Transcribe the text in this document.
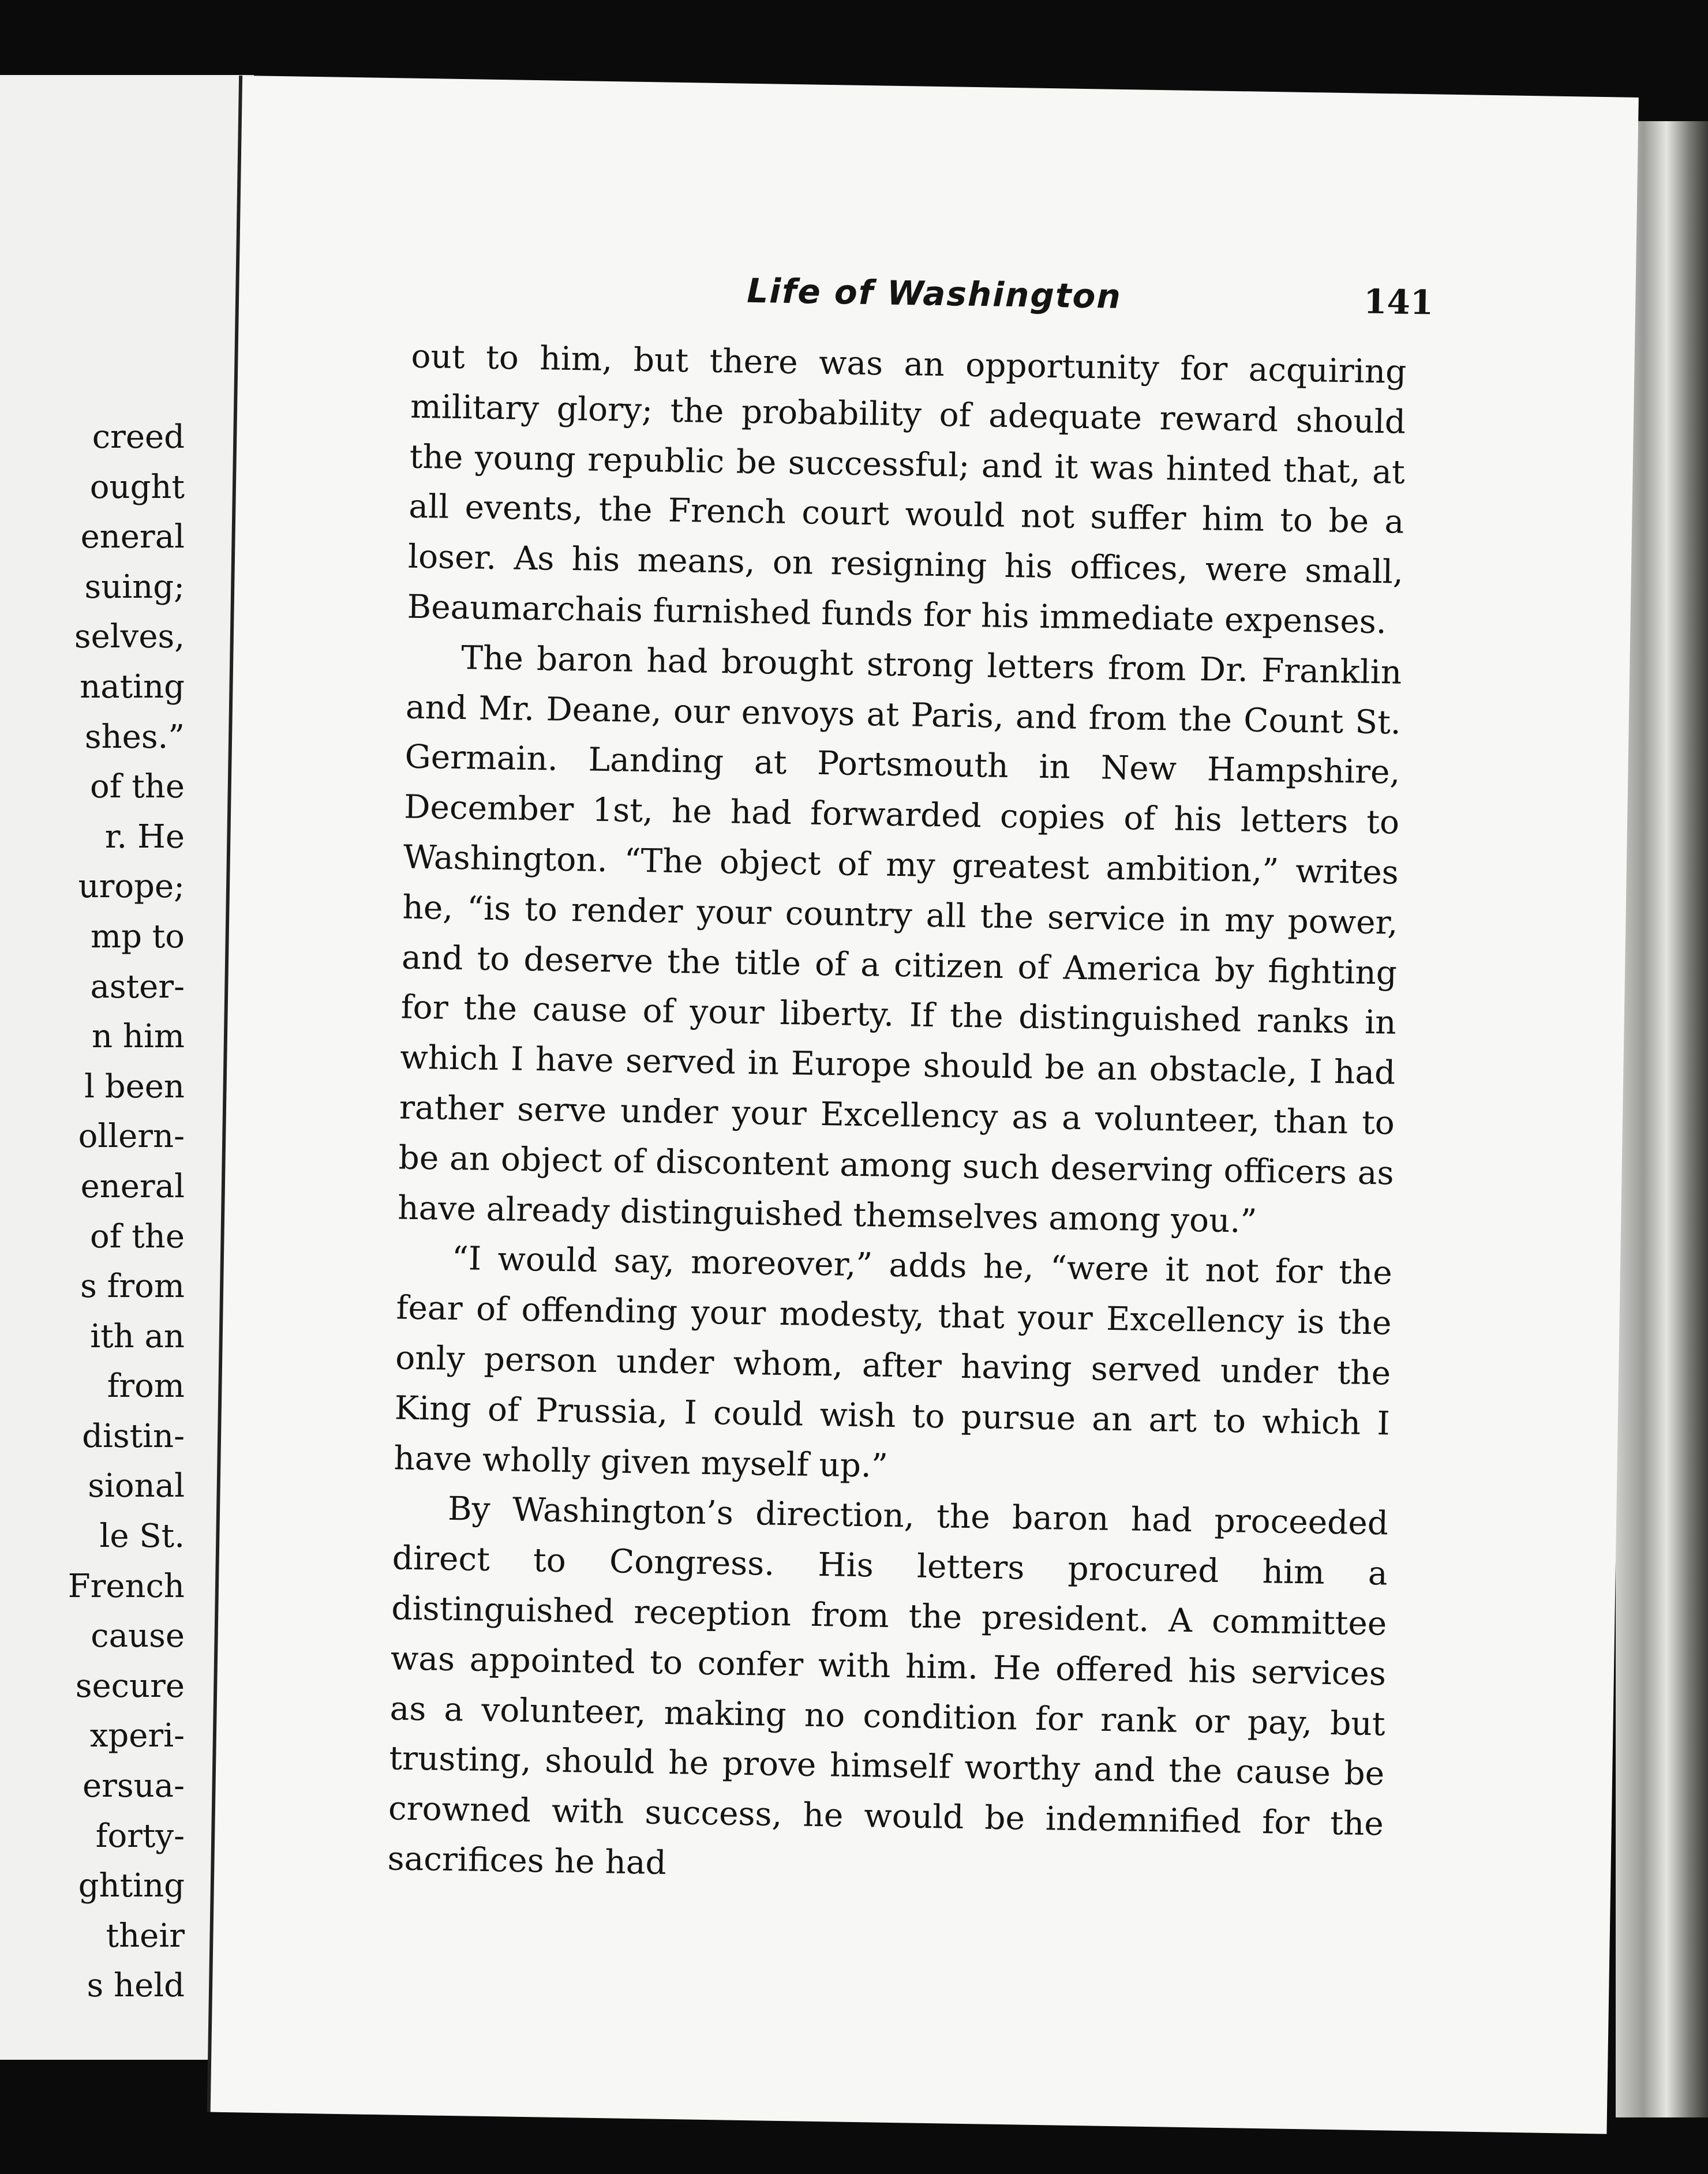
creed
ought
eneral
suing;
selves,
nating
shes.”
of the
r. He
urope;
mp to
aster-
n him
l been
ollern-
eneral
of the
s from
ith an
from
distin-
sional
le St.
French
cause
secure
xperi-
ersua-
forty-
ghting
their
s held
Life of Washington	141

out to him, but there was an opportunity for acquiring military glory; the probability of adequate reward should the young republic be successful; and it was hinted that, at all events, the French court would not suffer him to be a loser. As his means, on resigning his offices, were small, Beaumarchais furnished funds for his immediate expenses.

The baron had brought strong letters from Dr. Franklin and Mr. Deane, our envoys at Paris, and from the Count St. Germain. Landing at Portsmouth in New Hampshire, December 1st, he had forwarded copies of his letters to Washington. “The object of my greatest ambition,” writes he, “is to render your country all the service in my power, and to deserve the title of a citizen of America by fighting for the cause of your liberty. If the distinguished ranks in which I have served in Europe should be an obstacle, I had rather serve under your Excellency as a volunteer, than to be an object of discontent among such deserving officers as have already distinguished themselves among you.”

“I would say, moreover,” adds he, “were it not for the fear of offending your modesty, that your Excellency is the only person under whom, after having served under the King of Prussia, I could wish to pursue an art to which I have wholly given myself up.”

By Washington’s direction, the baron had proceeded direct to Congress. His letters procured him a distinguished reception from the president. A committee was appointed to confer with him. He offered his services as a volunteer, making no condition for rank or pay, but trusting, should he prove himself worthy and the cause be crowned with success, he would be indemnified for the sacrifices he had
